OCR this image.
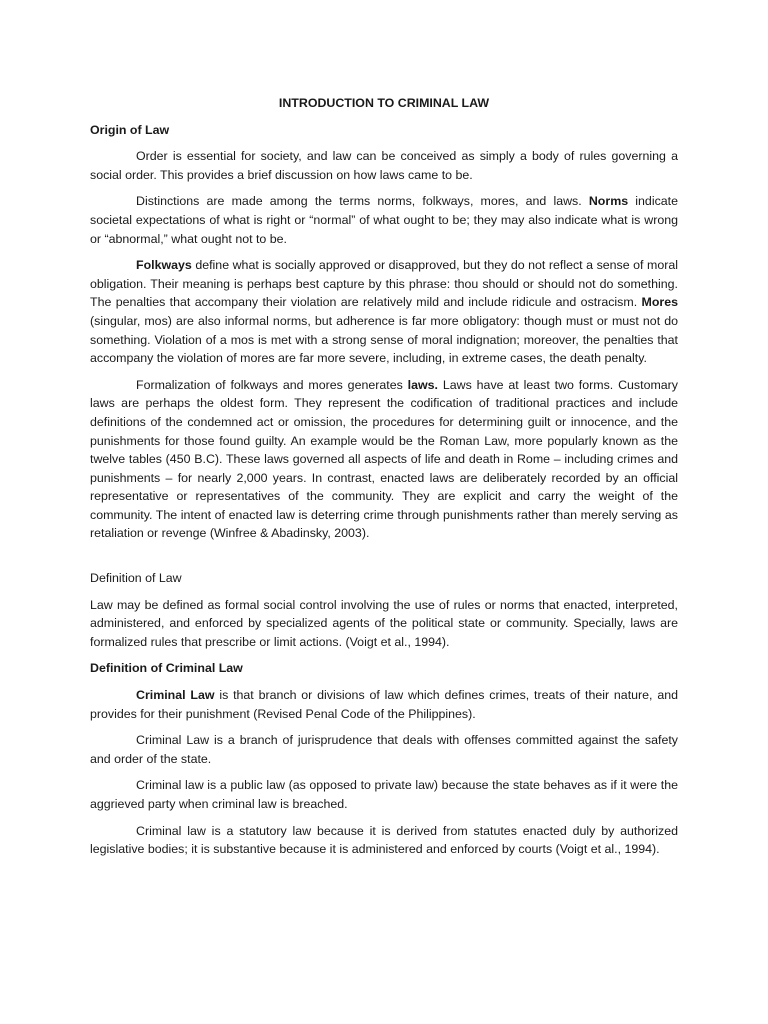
INTRODUCTION TO CRIMINAL LAW
Origin of Law

Order is essential for society, and law can be conceived as simply a body of rules governing a social order. This provides a brief discussion on how laws came to be.

Distinctions are made among the terms norms, folkways, mores, and laws. Norms indicate societal expectations of what is right or “normal” of what ought to be; they may also indicate what is wrong or “abnormal,” what ought not to be.

Folkways define what is socially approved or disapproved, but they do not reflect a sense of moral obligation. Their meaning is perhaps best capture by this phrase: thou should or should not do something. The penalties that accompany their violation are relatively mild and include ridicule and ostracism. Mores (singular, mos) are also informal norms, but adherence is far more obligatory: though must or must not do something. Violation of a mos is met with a strong sense of moral indignation; moreover, the penalties that accompany the violation of mores are far more severe, including, in extreme cases, the death penalty.

Formalization of folkways and mores generates laws. Laws have at least two forms. Customary laws are perhaps the oldest form. They represent the codification of traditional practices and include definitions of the condemned act or omission, the procedures for determining guilt or innocence, and the punishments for those found guilty. An example would be the Roman Law, more popularly known as the twelve tables (450 B.C). These laws governed all aspects of life and death in Rome – including crimes and punishments – for nearly 2,000 years. In contrast, enacted laws are deliberately recorded by an official representative or representatives of the community. They are explicit and carry the weight of the community. The intent of enacted law is deterring crime through punishments rather than merely serving as retaliation or revenge (Winfree & Abadinsky, 2003).

Definition of Law

Law may be defined as formal social control involving the use of rules or norms that enacted, interpreted, administered, and enforced by specialized agents of the political state or community. Specially, laws are formalized rules that prescribe or limit actions. (Voigt et al., 1994).

Definition of Criminal Law

Criminal Law is that branch or divisions of law which defines crimes, treats of their nature, and provides for their punishment (Revised Penal Code of the Philippines).

Criminal Law is a branch of jurisprudence that deals with offenses committed against the safety and order of the state.

Criminal law is a public law (as opposed to private law) because the state behaves as if it were the aggrieved party when criminal law is breached.

Criminal law is a statutory law because it is derived from statutes enacted duly by authorized legislative bodies; it is substantive because it is administered and enforced by courts (Voigt et al., 1994).
